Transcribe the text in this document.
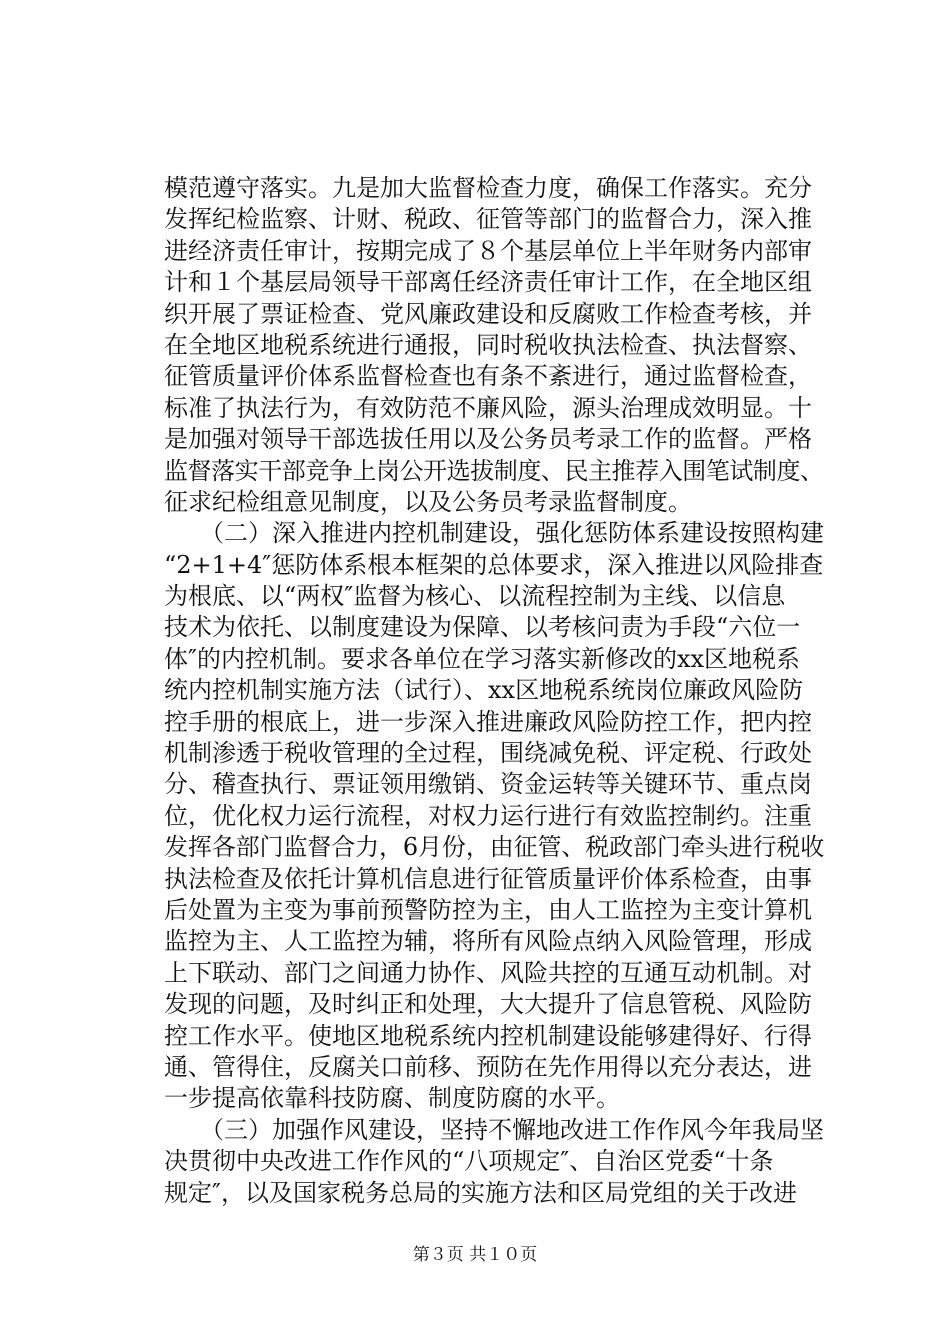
模范遵守落实。九是加大监督检查力度，确保工作落实。充分
发挥纪检监察、计财、税政、征管等部门的监督合力，深入推
进经济责任审计，按期完成了８个基层单位上半年财务内部审
计和１个基层局领导干部离任经济责任审计工作，在全地区组
织开展了票证检查、党风廉政建设和反腐败工作检查考核，并
在全地区地税系统进行通报，同时税收执法检查、执法督察、
征管质量评价体系监督检查也有条不紊进行，通过监督检查，
标准了执法行为，有效防范不廉风险，源头治理成效明显。十
是加强对领导干部选拔任用以及公务员考录工作的监督。严格
监督落实干部竞争上岗公开选拔制度、民主推荐入围笔试制度、
征求纪检组意见制度，以及公务员考录监督制度。
　　（二）深入推进内控机制建设，强化惩防体系建设按照构建
“2+1+4″惩防体系根本框架的总体要求，深入推进以风险排查
为根底、以“两权″监督为核心、以流程控制为主线、以信息
技术为依托、以制度建设为保障、以考核问责为手段“六位一
体″的内控机制。要求各单位在学习落实新修改的xx区地税系
统内控机制实施方法（试行）、xx区地税系统岗位廉政风险防
控手册的根底上，进一步深入推进廉政风险防控工作，把内控
机制渗透于税收管理的全过程，围绕减免税、评定税、行政处
分、稽查执行、票证领用缴销、资金运转等关键环节、重点岗
位，优化权力运行流程，对权力运行进行有效监控制约。注重
发挥各部门监督合力，6月份，由征管、税政部门牵头进行税收
执法检查及依托计算机信息进行征管质量评价体系检查，由事
后处置为主变为事前预警防控为主，由人工监控为主变计算机
监控为主、人工监控为辅，将所有风险点纳入风险管理，形成
上下联动、部门之间通力协作、风险共控的互通互动机制。对
发现的问题，及时纠正和处理，大大提升了信息管税、风险防
控工作水平。使地区地税系统内控机制建设能够建得好、行得
通、管得住，反腐关口前移、预防在先作用得以充分表达，进
一步提高依靠科技防腐、制度防腐的水平。
　　（三）加强作风建设，坚持不懈地改进工作作风今年我局坚
决贯彻中央改进工作作风的“八项规定″、自治区党委“十条
规定″，以及国家税务总局的实施方法和区局党组的关于改进
第３页 共１０页
